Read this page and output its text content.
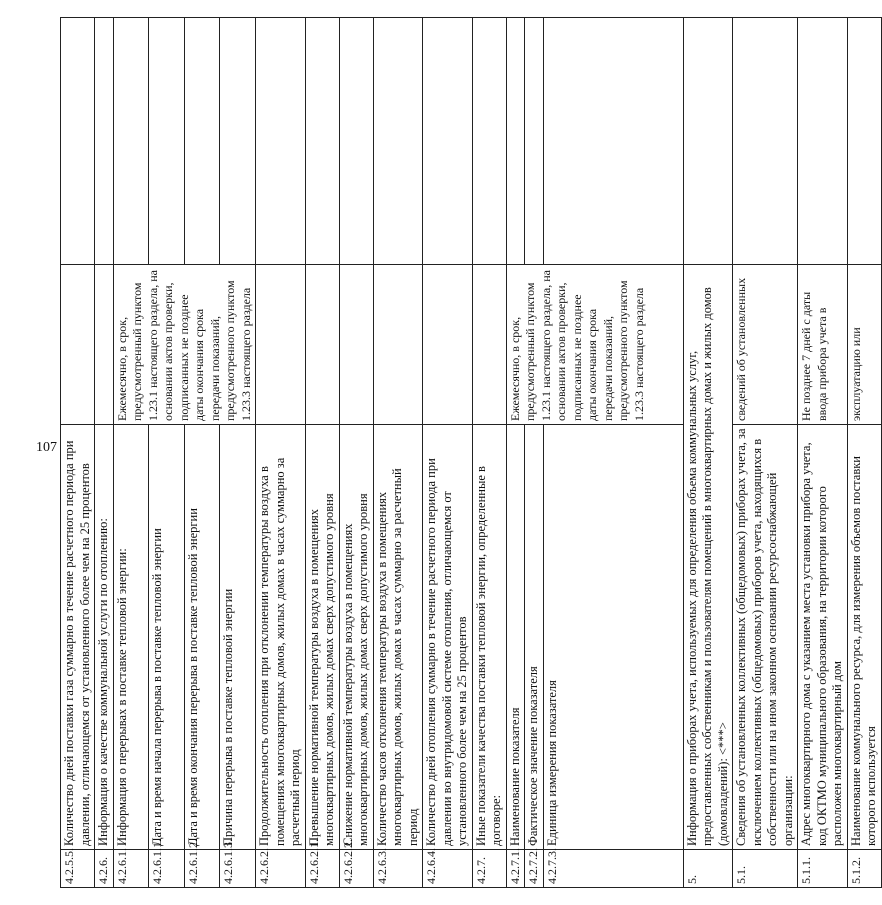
107
4.2.5.5.	Количество дней поставки газа суммарно в течение расчетного периода при давлении, отличающемся от установленного более чем на 25 процентов		
4.2.6.	Информация о качестве коммунальной услуги по отоплению:		
4.2.6.1.	Информация о перерывах в поставке тепловой энергии:	Ежемесячно, в срок, предусмотренный пунктом 1.23.1 настоящего раздела, на основании актов проверки, подписанных не позднее даты окончания срока передачи показаний, предусмотренного пунктом 1.23.3 настоящего раздела	
4.2.6.1.1.	Дата и время начала перерыва в поставке тепловой энергии		
4.2.6.1.2.	Дата и время окончания перерыва в поставке тепловой энергии		
4.2.6.1.3.	Причина перерыва в поставке тепловой энергии		
4.2.6.2.	Продолжительность отопления при отклонении температуры воздуха в помещениях многоквартирных домов, жилых домах в часах суммарно за расчетный период		
4.2.6.2.1.	Превышение нормативной температуры воздуха в помещениях многоквартирных домов, жилых домах сверх допустимого уровня		
4.2.6.2.2.	Снижение нормативной температуры воздуха в помещениях многоквартирных домов, жилых домах сверх допустимого уровня		
4.2.6.3.	Количество часов отклонения температуры воздуха в помещениях многоквартирных домов, жилых домах в часах суммарно за расчетный период		
4.2.6.4.	Количество дней отопления суммарно в течение расчетного периода при давлении во внутридомовой системе отопления, отличающемся от установленного более чем на 25 процентов		
4.2.7.	Иные показатели качества поставки тепловой энергии, определенные в договоре:		
4.2.7.1.	Наименование показателя	Ежемесячно, в срок, предусмотренный пунктом 1.23.1 настоящего раздела, на основании актов проверки, подписанных не позднее даты окончания срока передачи показаний, предусмотренного пунктом 1.23.3 настоящего раздела	
4.2.7.2.	Фактическое значение показателя		
4.2.7.3.	Единица измерения показателя		
5.	Информация о приборах учета, используемых для определения объема коммунальных услуг, предоставленных собственникам и пользователям помещений в многоквартирных домах и жилых домов (домовладений): <***>		
5.1.	Сведения об установленных коллективных (общедомовых) приборах учета, за исключением коллективных (общедомовых) приборов учета, находящихся в собственности или на ином законном основании ресурсоснабжающей организации:	сведений об установленных	
5.1.1.	Адрес многоквартирного дома с указанием места установки прибора учета, код ОКТМО муниципального образования, на территории которого расположен многоквартирный дом	Не позднее 7 дней с даты ввода прибора учета в	
5.1.2.	Наименование коммунального ресурса, для измерения объемов поставки которого используется	эксплуатацию или	
